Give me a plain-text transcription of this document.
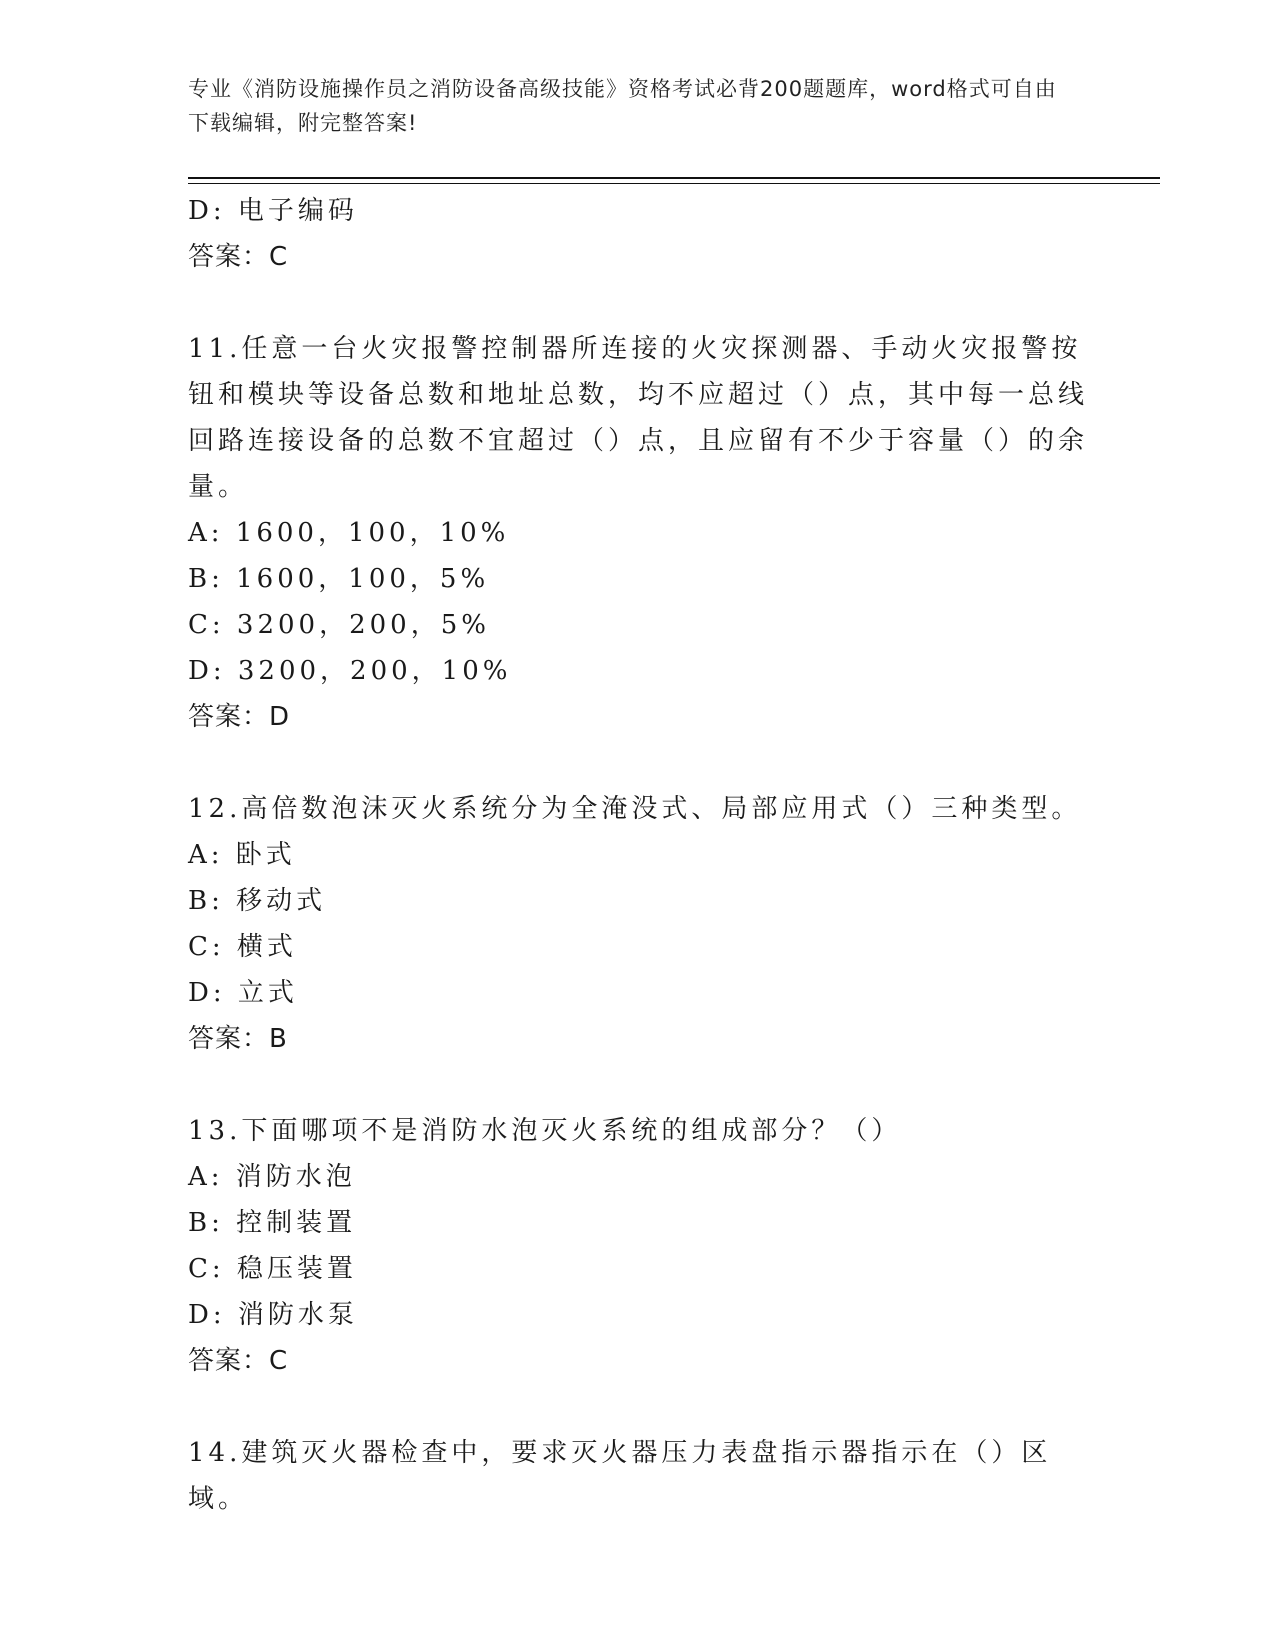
专业《消防设施操作员之消防设备高级技能》资格考试必背200题题库，word格式可自由下载编辑，附完整答案!
D: 电子编码
答案：C
11.任意一台火灾报警控制器所连接的火灾探测器、手动火灾报警按钮和模块等设备总数和地址总数，均不应超过（）点，其中每一总线回路连接设备的总数不宜超过（）点，且应留有不少于容量（）的余量。
A: 1600，100，10%
B: 1600，100，5%
C: 3200，200，5%
D: 3200，200，10%
答案：D
12.高倍数泡沫灭火系统分为全淹没式、局部应用式（）三种类型。
A: 卧式
B: 移动式
C: 横式
D: 立式
答案：B
13.下面哪项不是消防水泡灭火系统的组成部分？（）
A: 消防水泡
B: 控制装置
C: 稳压装置
D: 消防水泵
答案：C
14.建筑灭火器检查中，要求灭火器压力表盘指示器指示在（）区域。
